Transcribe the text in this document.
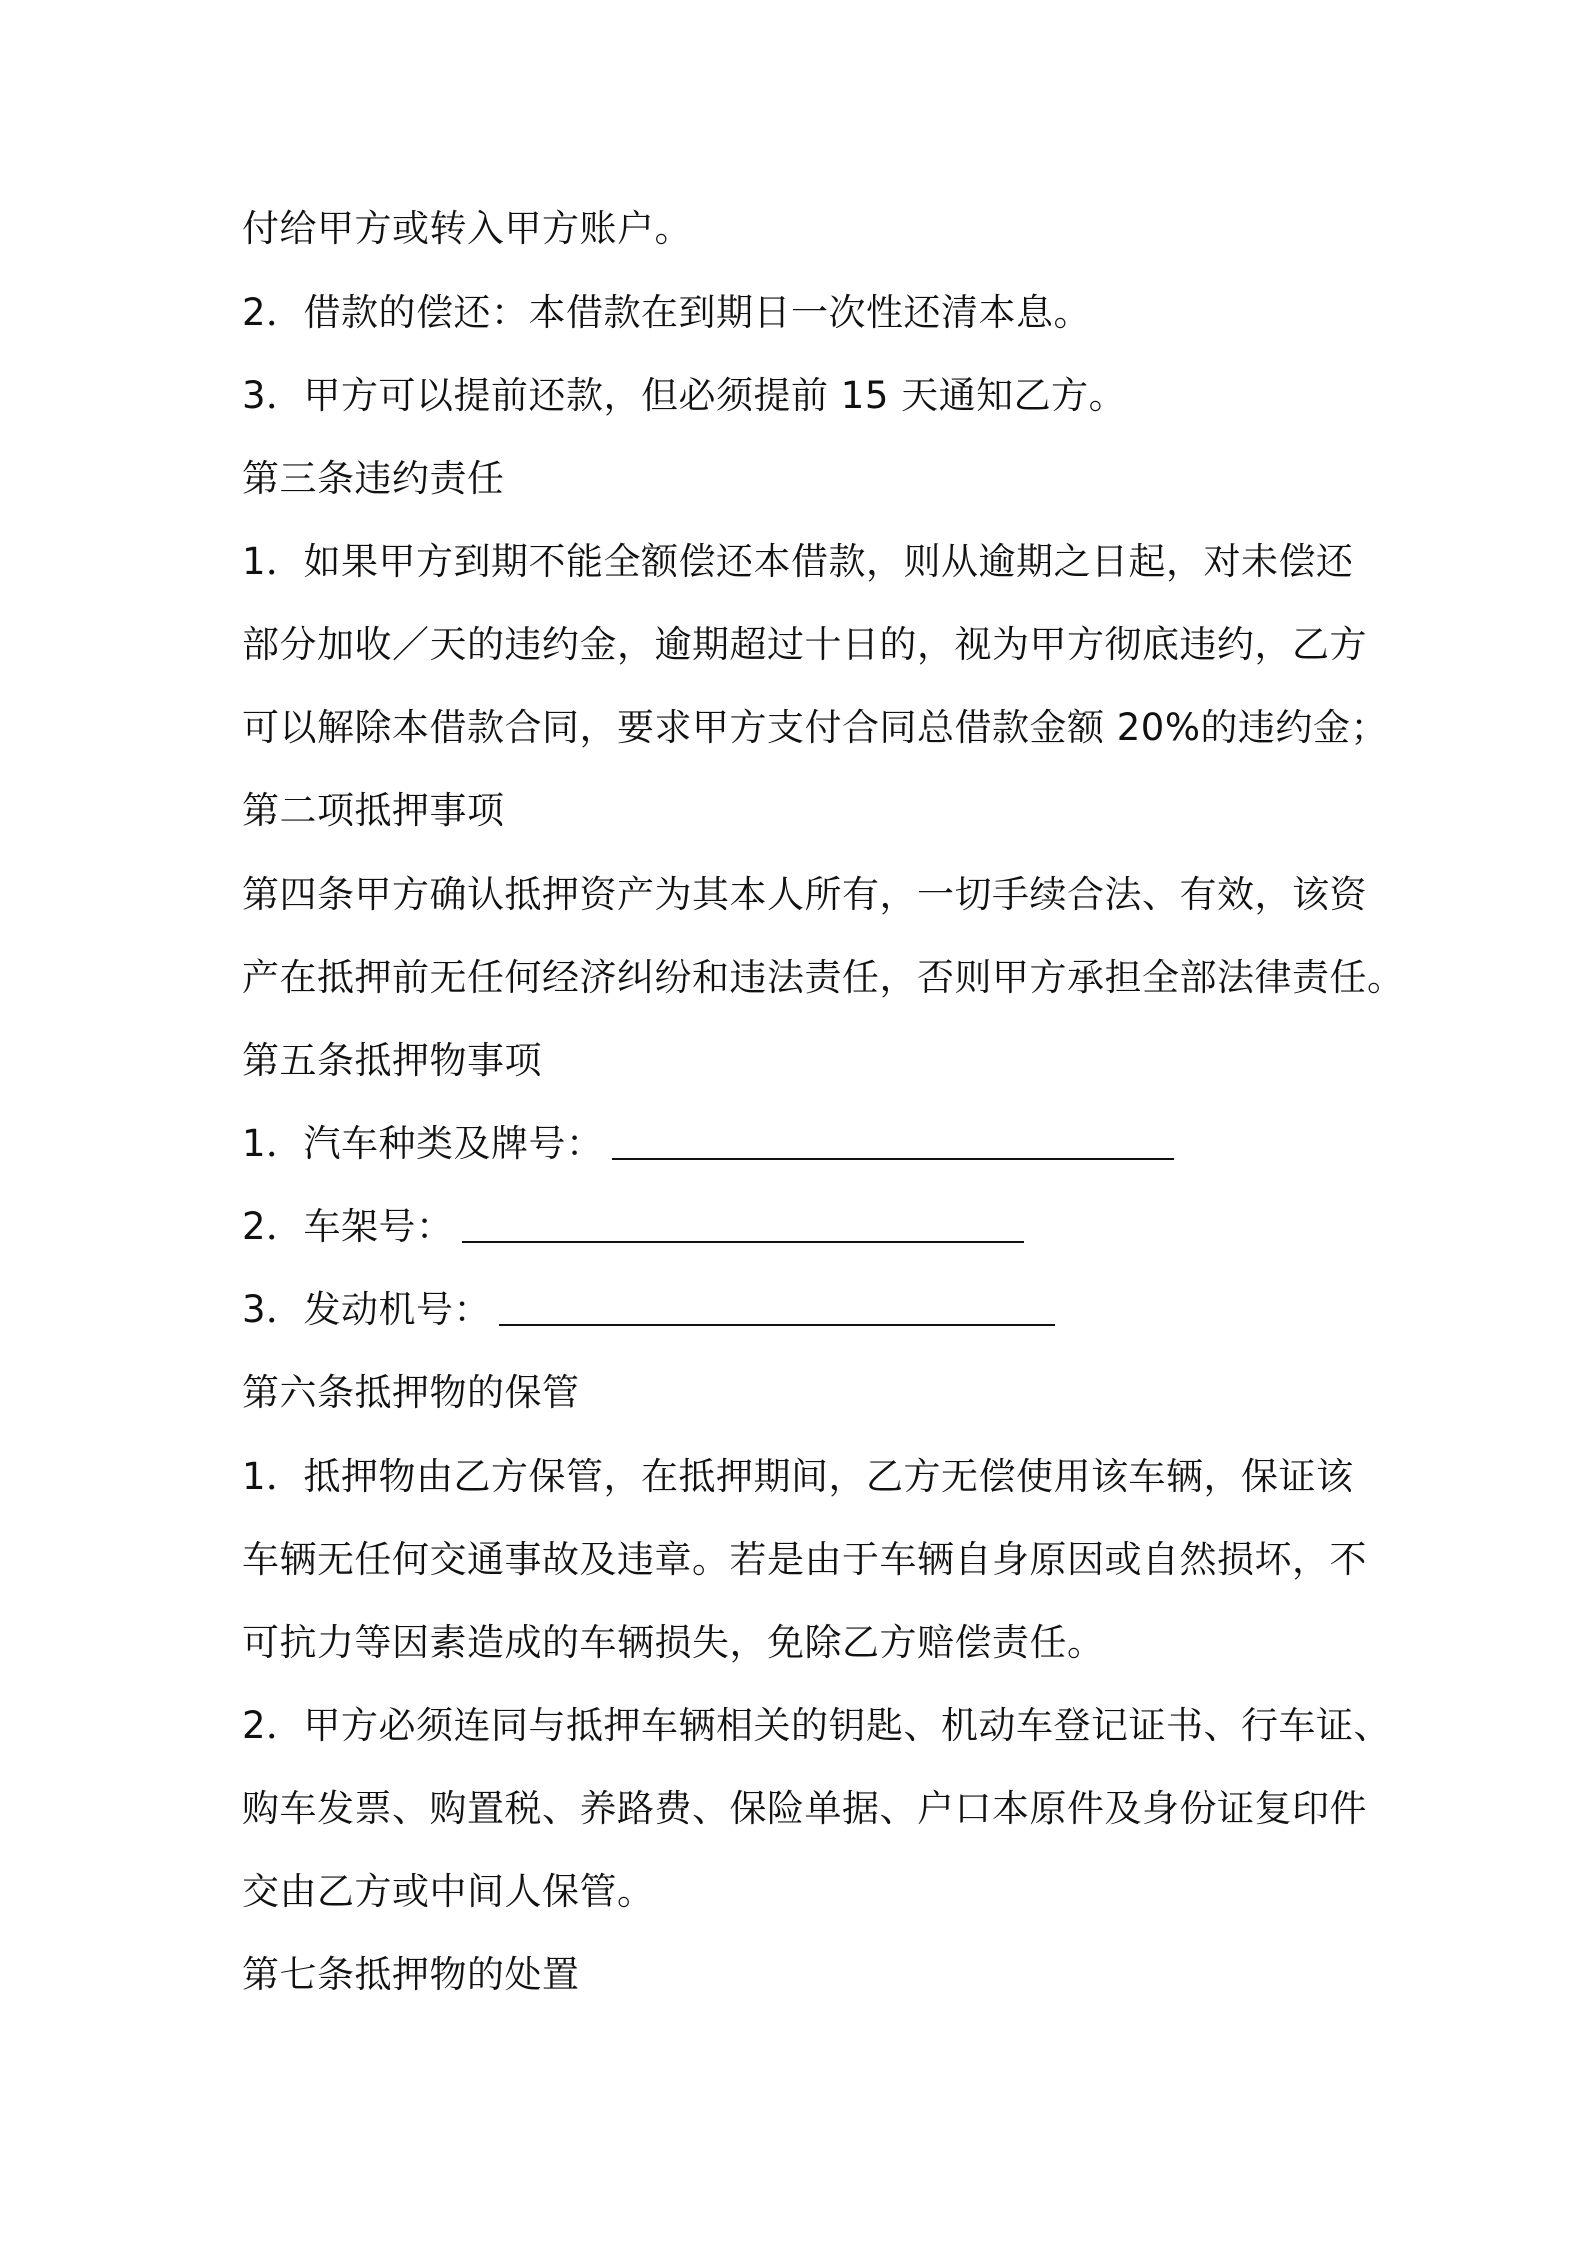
付给甲方或转入甲方账户。
2．借款的偿还：本借款在到期日一次性还清本息。
3．甲方可以提前还款，但必须提前 15 天通知乙方。
第三条违约责任
1．如果甲方到期不能全额偿还本借款，则从逾期之日起，对未偿还
部分加收／天的违约金，逾期超过十日的，视为甲方彻底违约，乙方
可以解除本借款合同，要求甲方支付合同总借款金额 20%的违约金；
第二项抵押事项
第四条甲方确认抵押资产为其本人所有，一切手续合法、有效，该资
产在抵押前无任何经济纠纷和违法责任，否则甲方承担全部法律责任。
第五条抵押物事项
1．汽车种类及牌号：
2．车架号：
3．发动机号：
第六条抵押物的保管
1．抵押物由乙方保管，在抵押期间，乙方无偿使用该车辆，保证该
车辆无任何交通事故及违章。若是由于车辆自身原因或自然损坏，不
可抗力等因素造成的车辆损失，免除乙方赔偿责任。
2．甲方必须连同与抵押车辆相关的钥匙、机动车登记证书、行车证、
购车发票、购置税、养路费、保险单据、户口本原件及身份证复印件
交由乙方或中间人保管。
第七条抵押物的处置
